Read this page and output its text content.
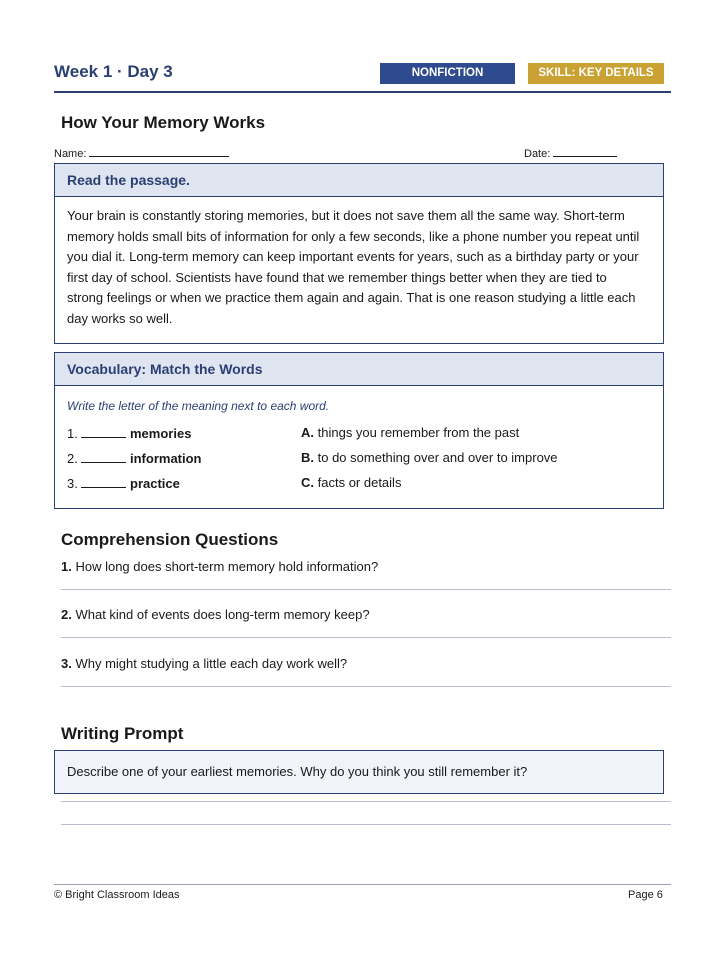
Week 1 · Day 3	NONFICTION	SKILL: KEY DETAILS
How Your Memory Works
Name:	Date:
Read the passage.
Your brain is constantly storing memories, but it does not save them all the same way. Short-term
memory holds small bits of information for only a few seconds, like a phone number you repeat until
you dial it. Long-term memory can keep important events for years, such as a birthday party or your
first day of school. Scientists have found that we remember things better when they are tied to
strong feelings or when we practice them again and again. That is one reason studying a little each
day works so well.
Vocabulary: Match the Words
Write the letter of the meaning next to each word.
1.	memories
2.	information
3.	practice
A. things you remember from the past
B. to do something over and over to improve
C. facts or details
Comprehension Questions
1. How long does short-term memory hold information?
2. What kind of events does long-term memory keep?
3. Why might studying a little each day work well?
Writing Prompt
Describe one of your earliest memories. Why do you think you still remember it?
© Bright Classroom Ideas	Page 6
